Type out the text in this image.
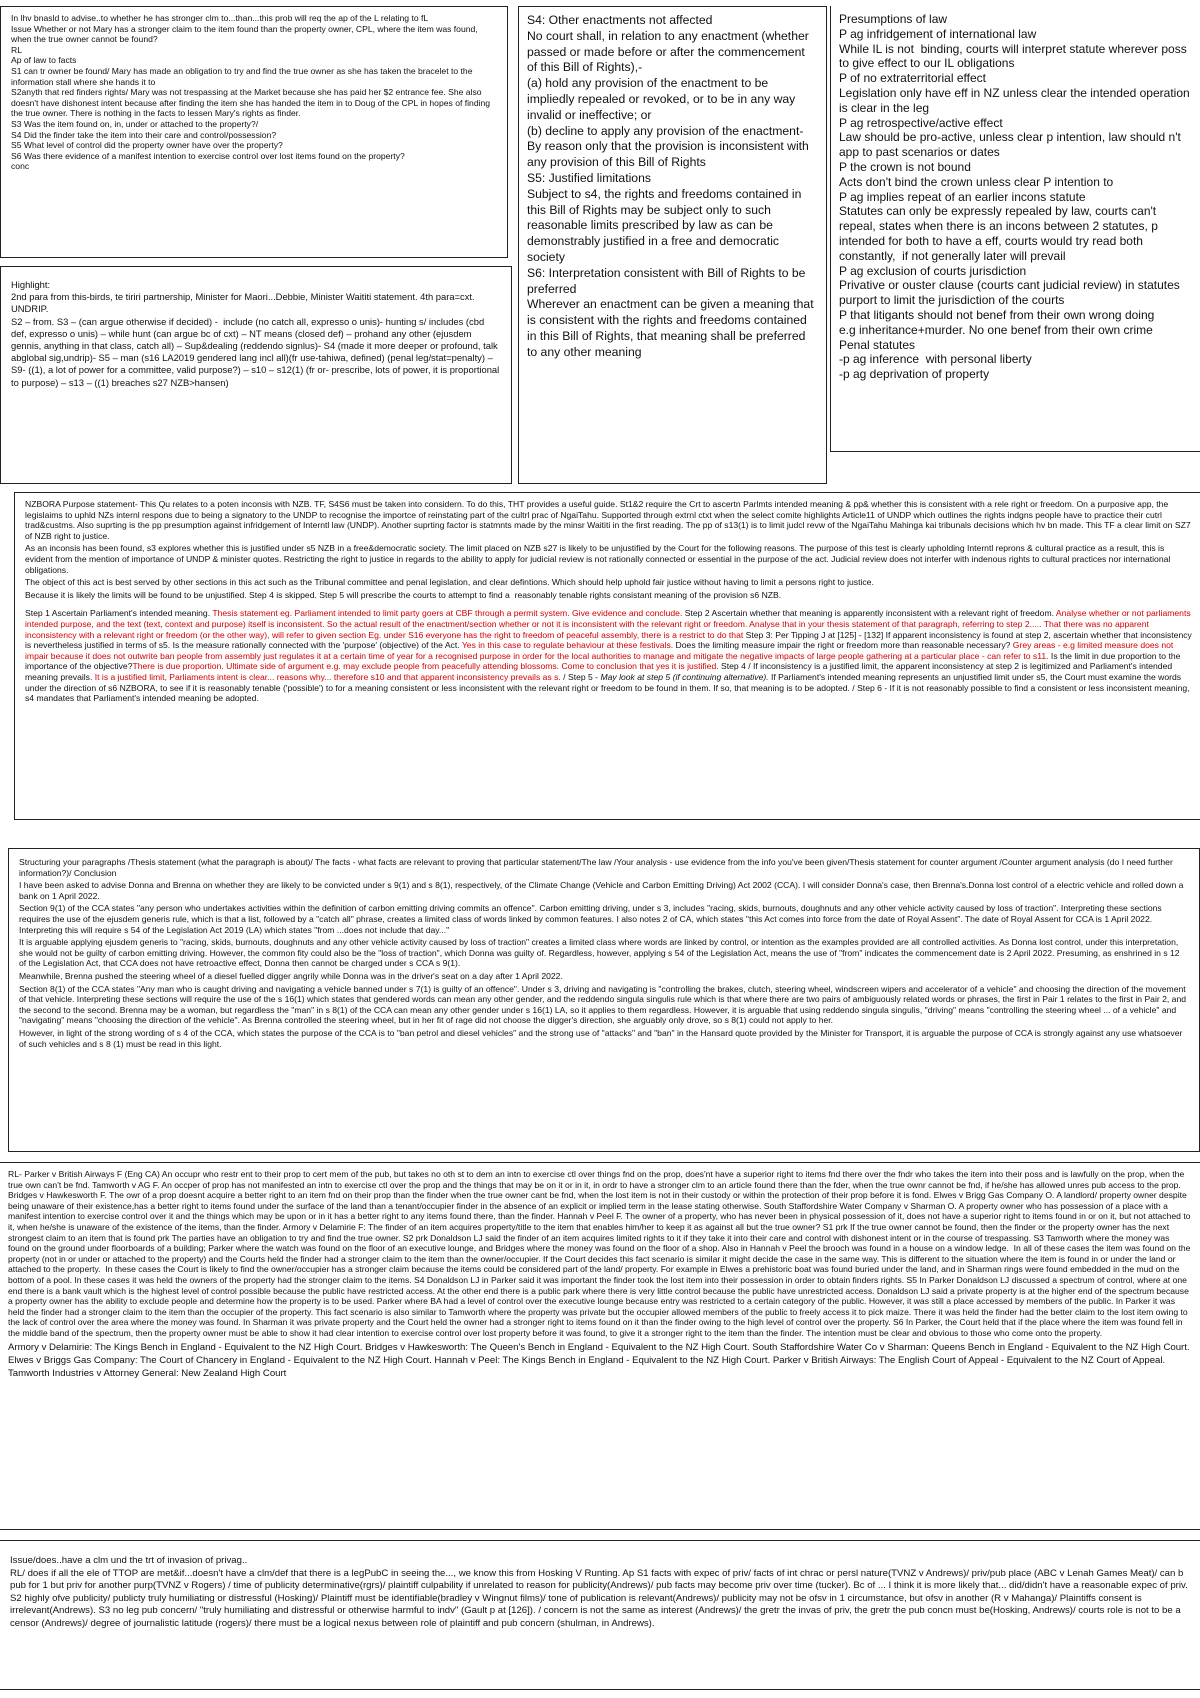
In lhv bnasld to advise..to whether he has stronger clm to...than...this prob will req the ap of the L relating to fL
Issue Whether or not Mary has a stronger claim to the item found than the property owner, CPL, where the item was found, when the true owner cannot be found?
RL
Ap of law to facts
S1 can tr owner be found/ Mary has made an obligation to try and find the true owner as she has taken the bracelet to the information stall where she hands it to
S2anyth that red finders rights/ Mary was not trespassing at the Market because she has paid her $2 entrance fee. She also doesn't have dishonest intent because after finding the item she has handed the item in to Doug of the CPL in hopes of finding the true owner. There is nothing in the facts to lessen Mary's rights as finder.
S3 Was the item found on, in, under or attached to the property?/
S4 Did the finder take the item into their care and control/possession?
S5 What level of control did the property owner have over the property?
S6 Was there evidence of a manifest intention to exercise control over lost items found on the property?
conc

Highlight:
2nd para from this-birds, te tiriri partnership, Minister for Maori...Debbie, Minister Waititi statement. 4th para=cxt. UNDRIP.
S2 – from. S3 – (can argue otherwise if decided) -  include (no catch all, expresso o unis)- hunting s/ includes (cbd def, expresso o unis) – while hunt (can argue bc of cxt) – NT means (closed def) – prohand any other (ejusdem gennis, anything in that class, catch all) – Sup&dealing (reddendo signlus)- S4 (made it more deeper or profound, talk abglobal sig,undrip)- S5 – man (s16 LA2019 gendered lang incl all)(fr use-tahiwa, defined) (penal leg/stat=penalty) – S9- ((1), a lot of power for a committee, valid purpose?) – s10 – s12(1) (fr or- prescribe, lots of power, it is proportional to purpose) – s13 – ((1) breaches s27 NZB>hansen)

S4: Other enactments not affected
No court shall, in relation to any enactment (whether passed or made before or after the commencement of this Bill of Rights),-
(a) hold any provision of the enactment to be impliedly repealed or revoked, or to be in any way invalid or ineffective; or
(b) decline to apply any provision of the enactment-
By reason only that the provision is inconsistent with any provision of this Bill of Rights
S5: Justified limitations
Subject to s4, the rights and freedoms contained in this Bill of Rights may be subject only to such reasonable limits prescribed by law as can be demonstrably justified in a free and democratic society
S6: Interpretation consistent with Bill of Rights to be preferred
Wherever an enactment can be given a meaning that is consistent with the rights and freedoms contained in this Bill of Rights, that meaning shall be preferred to any other meaning

Presumptions of law
P ag infridgement of international law
While IL is not  binding, courts will interpret statute wherever poss to give effect to our IL obligations
P of no extraterritorial effect
Legislation only have eff in NZ unless clear the intended operation is clear in the leg
P ag retrospective/active effect
Law should be pro-active, unless clear p intention, law should n't app to past scenarios or dates
P the crown is not bound
Acts don't bind the crown unless clear P intention to
P ag implies repeat of an earlier incons statute
Statutes can only be expressly repealed by law, courts can't repeal, states when there is an incons between 2 statutes, p intended for both to have a eff, courts would try read both constantly,  if not generally later will prevail
P ag exclusion of courts jurisdiction
Privative or ouster clause (courts cant judicial review) in statutes purport to limit the jurisdiction of the courts
P that litigants should not benef from their own wrong doing
e.g inheritance+murder. No one benef from their own crime
Penal statutes
-p ag inference  with personal liberty
-p ag deprivation of property

NZBORA Purpose statement- This Qu relates to a poten inconsis with NZB. TF, S4S6 must be taken into considern. To do this, THT provides a useful guide. St1&2 require the Crt to ascertn Parlmts intended meaning & pp& whether this is consistent with a rele right or freedom. On a purposive app, the legislaims to uphld NZs internl respons due to being a signatory to the UNDP to recognise the importce of reinstating part of the cultrl prac of NgaiTahu. Supported through extrnl ctxt when the select comite highlights Article11 of UNDP which outlines the rights indgns people have to practice their cutrl trad&custms. Also suprting is the pp presumption against infridgement of Interntl law (UNDP). Another suprting factor is statmnts made by the minsr Waititi in the first reading. The pp of s13(1) is to limit judcl revw of the NgaiTahu Mahinga kai tribunals decisions which hv bn made. This TF a clear limit on SZ7 of NZB right to justice.

As an inconsis has been found, s3 explores whether this is justified under s5 NZB in a free&democratic society. The limit placed on NZB s27 is likely to be unjustified by the Court for the following reasons. The purpose of this test is clearly upholding Interntl reprons & cultural practice as a result, this is evident from the mention of importance of UNDP & minister quotes. Restricting the right to justice in regards to the ability to apply for judicial review is not rationally connected or essential in the purpose of the act. Judicial review does not interfer with indenous rights to cultural practices nor international obligations.

The object of this act is best served by other sections in this act such as the Tribunal committee and penal legislation, and clear defintions. Which should help uphold fair justice without having to limit a persons right to justice.

Because it is likely the limits will be found to be unjustified. Step 4 is skipped. Step 5 will prescribe the courts to attempt to find a  reasonably tenable rights consistant meaning of the provision s6 NZB.

Step 1 Ascertain Parliament's intended meaning. Thesis statement eg. Parliament intended to limit party goers at CBF through a permit system. Give evidence and conclude. Step 2 Ascertain whether that meaning is apparently inconsistent with a relevant right of freedom. Analyse whether or not parliaments intended purpose, and the text (text, context and purpose) itself is inconsistent. So the actual result of the enactment/section whether or not it is inconsistent with the relevant right or freedom. Analyse that in your thesis statement of that paragraph, referring to step 2..... That there was no apparent inconsistency with a relevant right or freedom (or the other way), will refer to given section Eg. under S16 everyone has the right to freedom of peaceful assembly, there is a restrict to do that Step 3: Per Tipping J at [125] - [132] If apparent inconsistency is found at step 2, ascertain whether that inconsistency is nevertheless justified in terms of s5. Is the measure rationally connected with the 'purpose' (objective) of the Act. Yes in this case to regulate behaviour at these festivals. Does the limiting measure impair the right or freedom more than reasonable necessary? Grey areas - e.g limited measure does not impair because it does not outwrite ban people from assembly just regulates it at a certain time of year for a recognised purpose in order for the local authorities to manage and mitigate the negative impacts of large people gathering at a particular place - can refer to s11. Is the limit in due proportion to the importance of the objective?There is due proportion. Ultimate side of argument e.g. may exclude people from peacefully attending blossoms. Come to conclusion that yes it is justified. Step 4 / If inconsistency is a justified limit, the apparent inconsistency at step 2 is legitimized and Parliament's intended meaning prevails. It is a justified limit, Parliaments intent is clear... reasons why... therefore s10 and that apparent inconsistency prevails as s. / Step 5 - May look at step 5 (if continuing alternative). If Parliament's intended meaning represents an unjustified limit under s5, the Court must examine the words under the direction of s6 NZBORA, to see if it is reasonably tenable ('possible') to for a meaning consistent or less inconsistent with the relevant right or freedom to be found in them. If so, that meaning is to be adopted. / Step 6 - If it is not reasonably possible to find a consistent or less inconsistent meaning, s4 mandates that Parliament's intended meaning be adopted.

Structuring your paragraphs /Thesis statement (what the paragraph is about)/ The facts - what facts are relevant to proving that particular statement/The law /Your analysis - use evidence from the info you've been given/Thesis statement for counter argument /Counter argument analysis (do I need further information?)/ Conclusion

I have been asked to advise Donna and Brenna on whether they are likely to be convicted under s 9(1) and s 8(1), respectively, of the Climate Change (Vehicle and Carbon Emitting Driving) Act 2002 (CCA). I will consider Donna's case, then Brenna's.Donna lost control of a electric vehicle and rolled down a bank on 1 April 2022.

Section 9(1) of the CCA states "any person who undertakes activities within the definition of carbon emitting driving commits an offence". Carbon emitting driving, under s 3, includes "racing, skids, burnouts, doughnuts and any other vehicle activity caused by loss of traction". Interpreting these sections requires the use of the ejusdem generis rule, which is that a list, followed by a "catch all" phrase, creates a limited class of words linked by common features. I also notes 2 of CA, which states "this Act comes into force from the date of Royal Assent". The date of Royal Assent for CCA is 1 April 2022. Interpreting this will require s 54 of the Legislation Act 2019 (LA) which states "from ...does not include that day..."

It is arguable applying ejusdem generis to "racing, skids, burnouts, doughnuts and any other vehicle activity caused by loss of traction" creates a limited class where words are linked by control, or intention as the examples provided are all controlled activities. As Donna lost control, under this interpretation, she would not be guilty of carbon emitting driving. However, the common fity could also be the "loss of traction", which Donna was guilty of. Regardless, however, applying s 54 of the Legislation Act, means the use of "from" indicates the commencement date is 2 April 2022. Presuming, as enshrined in s 12 of the Legislation Act, that CCA does not have retroactive effect, Donna then cannot be charged under s CCA s 9(1).

Meanwhile, Brenna pushed the steering wheel of a diesel fuelled digger angrily while Donna was in the driver's seat on a day after 1 April 2022.

Section 8(1) of the CCA states "Any man who is caught driving and navigating a vehicle banned under s 7(1) is guilty of an offence". Under s 3, driving and navigating is "controlling the brakes, clutch, steering wheel, windscreen wipers and accelerator of a vehicle" and choosing the direction of the movement of that vehicle. Interpreting these sections will require the use of the s 16(1) which states that gendered words can mean any other gender, and the reddendo singula singulis rule which is that where there are two pairs of ambiguously related words or phrases, the first in Pair 1 relates to the first in Pair 2, and the second to the second. Brenna may be a woman, but regardless the "man" in s 8(1) of the CCA can mean any other gender under s 16(1) LA, so it applies to them regardless. However, it is arguable that using reddendo singula singulis, "driving" means "controlling the steering wheel ... of a vehicle" and "navigating" means "choosing the direction of the vehicle". As Brenna controlled the steering wheel, but in her fit of rage did not choose the digger's direction, she arguably only drove, so s 8(1) could not apply to her.

However, in light of the strong wording of s 4 of the CCA, which states the purpose of the CCA is to "ban petrol and diesel vehicles" and the strong use of "attacks" and "ban" in the Hansard quote provided by the Minister for Transport, it is arguable the purpose of CCA is strongly against any use whatsoever of such vehicles and s 8 (1) must be read in this light.

RL- Parker v British Airways F (Eng CA) An occupr who restr ent to their prop to cert mem of the pub, but takes no oth st to dem an intn to exercise ctl over things fnd on the prop, does'nt have a superior right to items fnd there over the fndr who takes the item into their poss and is lawfully on the prop, when the true own can't be fnd. Tamworth v AG F. An occper of prop has not manifested an intn to exercise ctl over the prop and the things that may be on it or in it, in ordr to have a stronger clm to an article found there than the fder, when the true ownr cannot be fnd, if he/she has allowed unres pub access to the prop. Bridges v Hawkesworth F. The owr of a prop doesnt acquire a better right to an item fnd on their prop than the finder when the true owner cant be fnd, when the lost item is not in their custody or within the protection of their prop before it is fond. Elwes v Brigg Gas Company O. A landlord/ property owner despite being unaware of their existence,has a better right to items found under the surface of the land than a tenant/occupier finder in the absence of an explicit or implied term in the lease stating otherwise. South Staffordshire Water Company v Sharman O. A property owner who has possession of a place with a manifest intention to exercise control over it and the things which may be upon or in it has a better right to any items found there, than the finder. Hannah v Peel F. The owner of a property, who has never been in physical possession of it, does not have a superior right to items found in or on it, but not attached to it, when he/she is unaware of the existence of the items, than the finder. Armory v Delamirie F: The finder of an item acquires property/title to the item that enables him/her to keep it as against all but the true owner? S1 prk If the true owner cannot be found, then the finder or the property owner has the next strongest claim to an item that is found prk The parties have an obligation to try and find the true owner. S2 prk Donaldson LJ said the finder of an item acquires limited rights to it if they take it into their care and control with dishonest intent or in the course of trespassing. S3 Tamworth where the money was found on the ground under floorboards of a building; Parker where the watch was found on the floor of an executive lounge, and Bridges where the money was found on the floor of a shop. Also in Hannah v Peel the brooch was found in a house on a window ledge.  In all of these cases the item was found on the property (not in or under or attached to the property) and the Courts held the finder had a stronger claim to the item than the owner/occupier. If the Court decides this fact scenario is similar it might decide the case in the same way. This is different to the situation where the item is found in or under the land or attached to the property.  In these cases the Court is likely to find the owner/occupier has a stronger claim because the items could be considered part of the land/ property. For example in Elwes a prehistoric boat was found buried under the land, and in Sharman rings were found embedded in the mud on the bottom of a pool. In these cases it was held the owners of the property had the stronger claim to the items. S4 Donaldson LJ in Parker said it was important the finder took the lost item into their possession in order to obtain finders rights. S5 In Parker Donaldson LJ discussed a spectrum of control, where at one end there is a bank vault which is the highest level of control possible because the public have restricted access. At the other end there is a public park where there is very little control because the public have unrestricted access. Donaldson LJ said a private property is at the higher end of the spectrum because a property owner has the ability to exclude people and determine how the property is to be used. Parker where BA had a level of control over the executive lounge because entry was restricted to a certain category of the public. However, it was still a place accessed by members of the public. In Parker it was held the finder had a stronger claim to the item than the occupier of the property. This fact scenario is also similar to Tamworth where the property was private but the occupier allowed members of the public to freely access it to pick maize. There it was held the finder had the better claim to the lost item owing to the lack of control over the area where the money was found. In Sharman it was private property and the Court held the owner had a stronger right to items found on it than the finder owing to the high level of control over the property. S6 In Parker, the Court held that if the place where the item was found fell in the middle band of the spectrum, then the property owner must be able to show it had clear intention to exercise control over lost property before it was found, to give it a stronger right to the item than the finder. The intention must be clear and obvious to those who come onto the property.

Armory v Delamirie: The Kings Bench in England - Equivalent to the NZ High Court. Bridges v Hawkesworth: The Queen's Bench in England - Equivalent to the NZ High Court. South Staffordshire Water Co v Sharman: Queens Bench in England - Equivalent to the NZ High Court. Elwes v Briggs Gas Company: The Court of Chancery in England - Equivalent to the NZ High Court. Hannah v Peel: The Kings Bench in England - Equivalent to the NZ High Court. Parker v British Airways: The English Court of Appeal - Equivalent to the NZ Court of Appeal. Tamworth Industries v Attorney General: New Zealand High Court

Issue/does..have a clm und the trt of invasion of privag..
RL/ does if all the ele of TTOP are met&if...doesn't have a clm/def that there is a legPubC in seeing the..., we know this from Hosking V Runting. Ap S1 facts with expec of priv/ facts of int chrac or persl nature(TVNZ v Andrews)/ priv/pub place (ABC v Lenah Games Meat)/ can b pub for 1 but priv for another purp(TVNZ v Rogers) / time of publicity determinative(rgrs)/ plaintiff culpability if unrelated to reason for publicity(Andrews)/ pub facts may become priv over time (tucker). Bc of ... I think it is more likely that... did/didn't have a reasonable expec of priv. S2 highly ofve publicity/ publicty truly humiliating or distressful (Hosking)/ Plaintiff must be identifiable(bradley v Wingnut films)/ tone of publication is relevant(Andrews)/ publicity may not be ofsv in 1 circumstance, but ofsv in another (R v Mahanga)/ Plaintiffs consent is irrelevant(Andrews). S3 no leg pub concern/ "truly humiliating and distressful or otherwise harmful to indv" (Gault p at [126]). / concern is not the same as interest (Andrews)/ the gretr the invas of priv, the gretr the pub concn must be(Hosking, Andrews)/ courts role is not to be a censor (Andrews)/ degree of journalistic latitude (rogers)/ there must be a logical nexus between role of plaintiff and pub concern (shulman, in Andrews).
